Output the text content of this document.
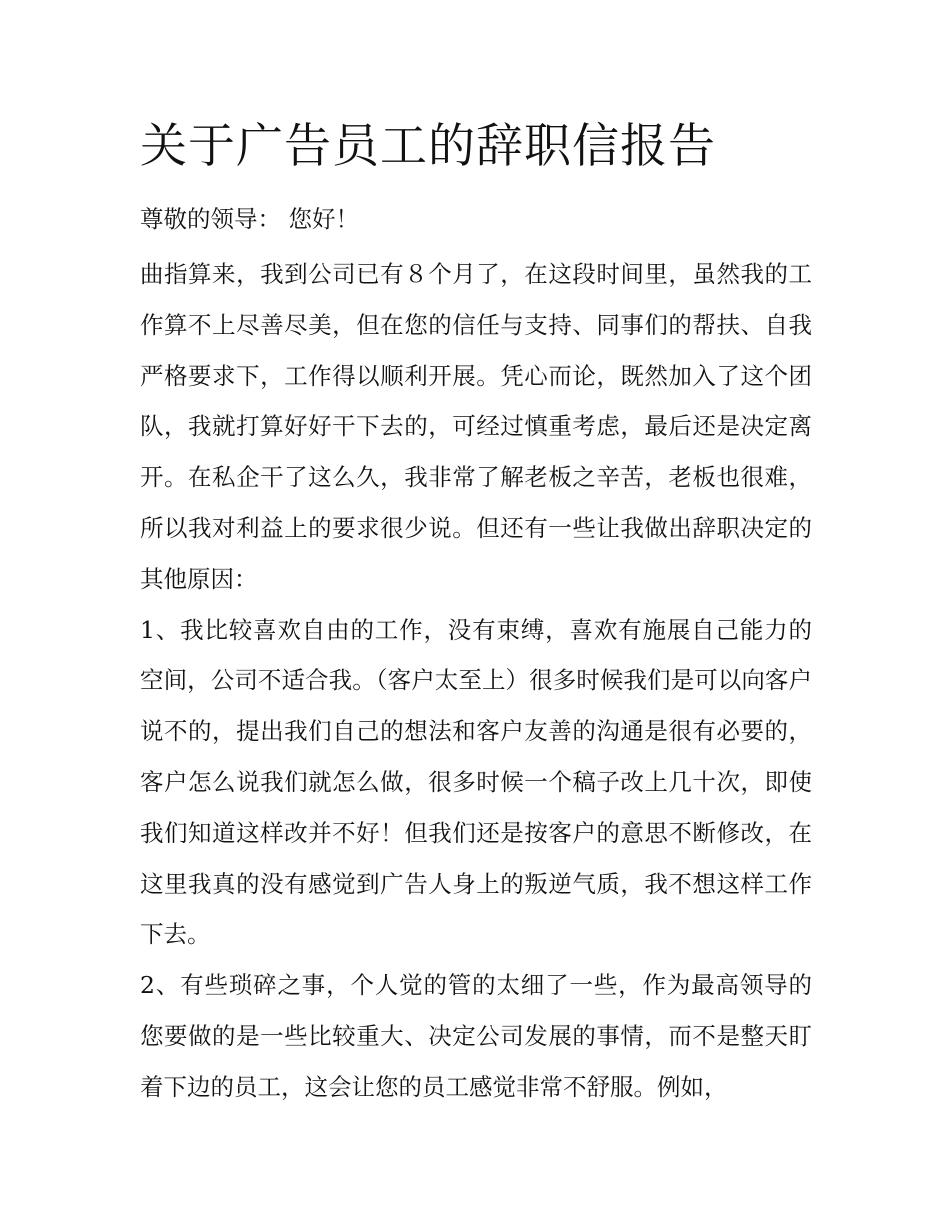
关于广告员工的辞职信报告

尊敬的领导： 您好！

曲指算来，我到公司已有８个月了，在这段时间里，虽然我的工作算不上尽善尽美，但在您的信任与支持、同事们的帮扶、自我严格要求下，工作得以顺利开展。凭心而论，既然加入了这个团队，我就打算好好干下去的，可经过慎重考虑，最后还是决定离开。在私企干了这么久，我非常了解老板之辛苦，老板也很难，所以我对利益上的要求很少说。但还有一些让我做出辞职决定的其他原因：

1、我比较喜欢自由的工作，没有束缚，喜欢有施展自己能力的空间，公司不适合我。（客户太至上）很多时候我们是可以向客户说不的，提出我们自己的想法和客户友善的沟通是很有必要的，客户怎么说我们就怎么做，很多时候一个稿子改上几十次，即使我们知道这样改并不好！但我们还是按客户的意思不断修改，在这里我真的没有感觉到广告人身上的叛逆气质，我不想这样工作下去。

2、有些琐碎之事，个人觉的管的太细了一些，作为最高领导的您要做的是一些比较重大、决定公司发展的事情，而不是整天盯着下边的员工，这会让您的员工感觉非常不舒服。例如，
